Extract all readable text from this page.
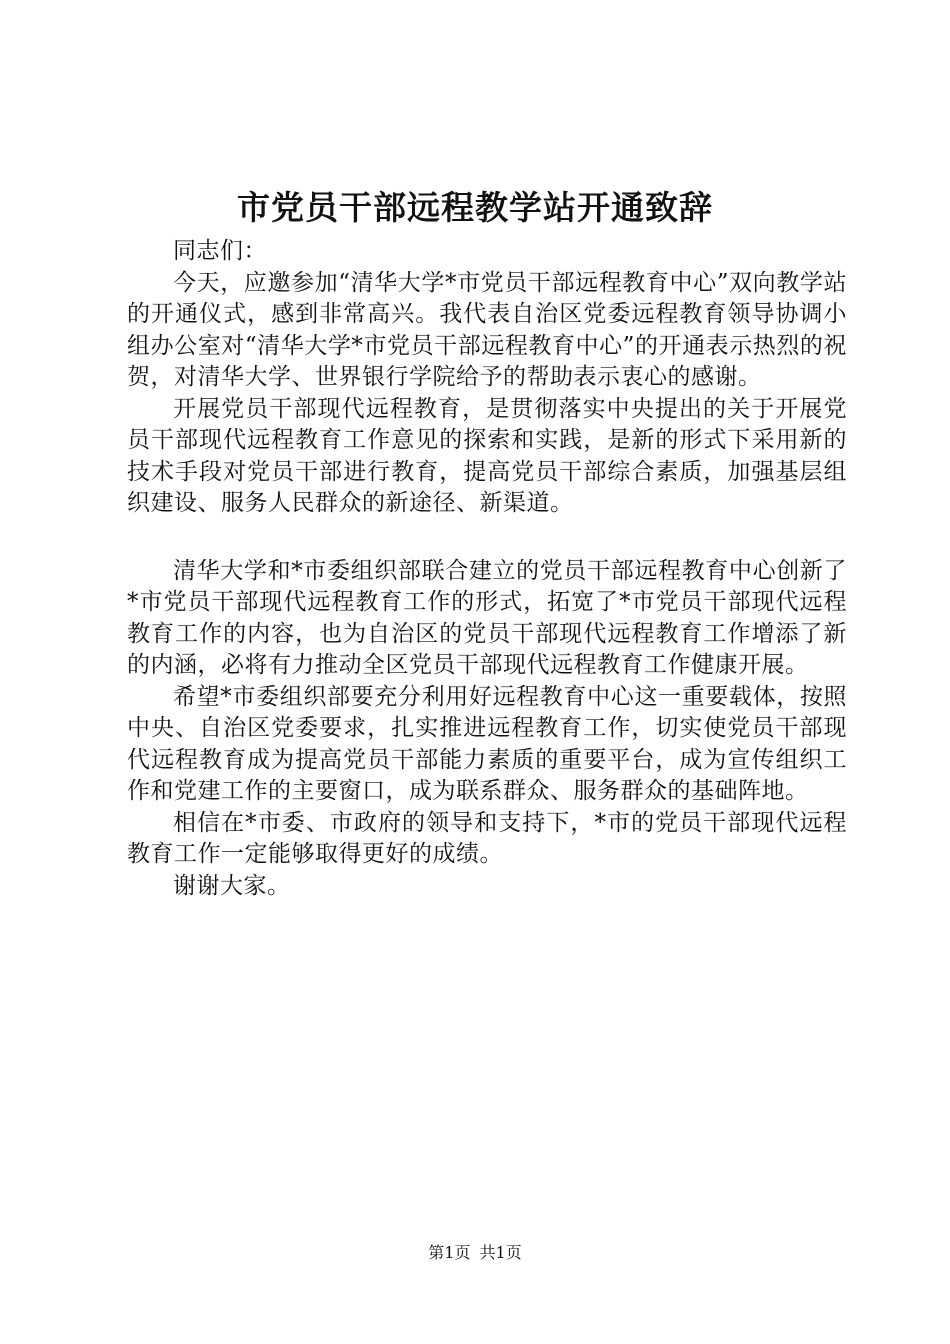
市党员干部远程教学站开通致辞

同志们：

今天，应邀参加“清华大学*市党员干部远程教育中心”双向教学站的开通仪式，感到非常高兴。我代表自治区党委远程教育领导协调小组办公室对“清华大学*市党员干部远程教育中心”的开通表示热烈的祝贺，对清华大学、世界银行学院给予的帮助表示衷心的感谢。

开展党员干部现代远程教育，是贯彻落实中央提出的关于开展党员干部现代远程教育工作意见的探索和实践，是新的形式下采用新的技术手段对党员干部进行教育，提高党员干部综合素质，加强基层组织建设、服务人民群众的新途径、新渠道。

清华大学和*市委组织部联合建立的党员干部远程教育中心创新了*市党员干部现代远程教育工作的形式，拓宽了*市党员干部现代远程教育工作的内容，也为自治区的党员干部现代远程教育工作增添了新的内涵，必将有力推动全区党员干部现代远程教育工作健康开展。

希望*市委组织部要充分利用好远程教育中心这一重要载体，按照中央、自治区党委要求，扎实推进远程教育工作，切实使党员干部现代远程教育成为提高党员干部能力素质的重要平台，成为宣传组织工作和党建工作的主要窗口，成为联系群众、服务群众的基础阵地。

相信在*市委、市政府的领导和支持下，*市的党员干部现代远程教育工作一定能够取得更好的成绩。

谢谢大家。

第1页 共1页
